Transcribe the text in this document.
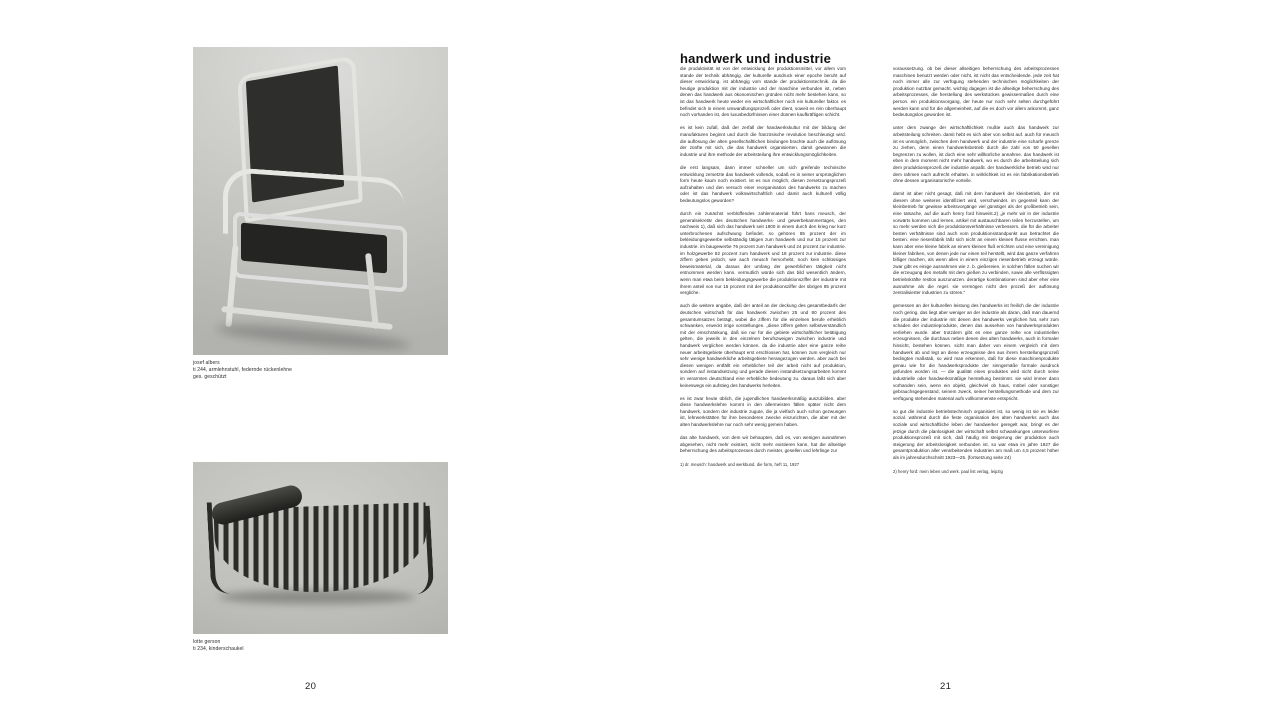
josef albers
ti 244, armlehnstuhl, federnde rückenlehne
ges. geschützt
lotte gerson
ti 234, kinderschaukel
20
handwerk und industrie

die produktivität ist von der entwicklung der produktionsmittel, vor allem vom stande der technik abhängig. der kulturelle ausdruck einer epoche beruht auf dieser entwicklung. ist abhängig vom stande der produktionstechnik. da die heutige produktion mit der industrie und der maschine verbunden ist, neben denen das handwerk aus ökonomischen gründen nicht mehr bestehen kann, so ist das handwerk heute weder ein wirtschaftlicher noch ein kultureller faktor. es befindet sich in einem umwandlungsprozeß oder dient, soweit es rein überhaupt noch vorhanden ist, den luxusbedürfnissen einer dünnen kaufkräftigen schicht.

es ist kein zufall, daß der zerfall der handwerkskultur mit der bildung der manufakturen beginnt und durch die französische revolution beschleunigt wird. die auflösung der alten gesellschaftlichen bindungen brachte auch die auflösung der zünfte mit sich, die das handwerk organisierten. damit gewannen die industrie und ihre methode der arbeitsteilung ihre entwicklungsmöglichkeiten.

die erst langsam, dann immer schneller um sich greifende technische entwicklung zersetzte das handwerk vollends, sodaß es in seiner ursprünglichen form heute kaum noch existiert. ist es nun möglich, diesen zersetzungsprozeß aufzuhalten und den versuch einer reorganisation des handwerks zu machen oder ist das handwerk volkswirtschaftlich und damit auch kulturell völlig bedeutungslos geworden?

durch ein zunächst verblüffendes zahlenmaterial führt hans meusch, der generalsekretär des deutschen handwerks- und gewerbekammertages, den nachweis 1), daß sich das handwerk seit 1900 in einem durch den krieg nur kurz unterbrochenen aufschwung befindet. so gehören 85 prozent der im bekleidungsgewerbe selbständig tätigen zum handwerk und nur 15 prozent zur industrie. im baugewerbe 76 prozent zum handwerk und 24 prozent zur industrie. im holzgewerbe 82 prozent zum handwerk und 18 prozent zur industrie. diese ziffern geben jedoch, wie auch meusch hervorhebt, noch kein schlüssiges beweismaterial, da daraus der umfang der gewerblichen tätigkeit nicht entnommen werden kann. vermutlich würde sich das bild wesentlich ändern, wenn man etwa beim bekleidungsgewerbe die produktionsziffer der industrie mit ihrem anteil von nur 15 prozent mit der produktionsziffer der übrigen 85 prozent vergliche.

auch die weitere angabe, daß der anteil an der deckung des gesamtbedarfs der deutschen wirtschaft für das handwerk zwischen 25 und 80 prozent des gesamtumsatzes beträgt, wobei die ziffern für die einzelnen berufe erheblich schwanken, erweckt irrige vorstellungen. „diese ziffern gelten selbstverständlich mit der einschränkung, daß sie nur für die gebiete wirtschaftlicher betätigung gelten, die jeweils in den einzelnen berufszweigen zwischen industrie und handwerk verglichen werden können. da die industrie aber eine ganze reihe neuer arbeitsgebiete überhaupt erst erschlossen hat, können zum vergleich nur sehr wenige handwerkliche arbeitsgebiete herangezogen werden. aber auch bei diesen wenigen entfällt ein erheblicher teil der arbeit nicht auf produktion, sondern auf instandsetzung und gerade diesen instandsetzungsarbeiten kommt im verarmten deutschland eine erhebliche bedeutung zu. daraus läßt sich aber keineswegs ein aufstieg des handwerks herleiten.

es ist zwar heute üblich, die jugendlichen handwerksmäßig auszubilden. aber diese handwerkslehre kommt in den allermeisten fällen später nicht dem handwerk, sondern der industrie zugute, die ja vielfach auch schon gezwungen ist, lehrwerkstätten für ihre besonderen zwecke einzurichten, die aber mit der alten handwerkslehre nur noch sehr wenig gemein haben.

das alte handwerk, von dem wir behaupten, daß es, von wenigen ausnahmen abgesehen, nicht mehr existiert, nicht mehr existieren kann, hat die allseitige beherrschung des arbeitsprozesses durch meister, gesellen und lehrlinge zur

1) dr. meusch: handwerk und werkbund. die form, heft 11, 1927

voraussetzung. ob bei dieser allseitigen beherrschung des arbeitsprozesses maschinen benutzt werden oder nicht, ist nicht das entscheidende. jede zeit hat noch immer alle zur verfügung stehenden technischen möglichkeiten der produktion nutzbar gemacht. wichtig dagegen ist die allseitige beherrschung des arbeitsprozesses, die herstellung des werkstückes gewissermaßen durch eine person. ein produktionsvorgang, der heute nur noch sehr selten durchgeführt werden kann und für die allgemeinheit, auf die es doch vor allem ankommt, ganz bedeutungslos geworden ist.

unter dem zwange der wirtschaftlichkeit mußte auch das handwerk zur arbeitsteilung schreiten. damit hebt es sich aber von selbst auf. auch für meusch ist es unmöglich, zwischen dem handwerk und der industrie eine scharfe grenze zu ziehen, denn einen handwerksbetrieb durch die zahl von 50 gesellen begrenzen zu wollen, ist doch eine sehr willkürliche annahme. das handwerk ist eben in dem moment nicht mehr handwerk, wo es durch die arbeitsteilung sich dem produktionsprozeß der industrie anpaßt. der handwerkliche betrieb wird nur dem rahmen nach aufrecht erhalten. in wirklichkeit ist es ein fabrikationsbetrieb ohne dessen organisatorische vorteile.

damit ist aber nicht gesagt, daß mit dem handwerk der kleinbetrieb, der mit diesem ohne weiteres identifiziert wird, verschwindet. im gegenteil kann der kleinbetrieb für gewisse arbeitsvorgänge viel günstiger als der großbetrieb sein, eine tatsache, auf die auch henry ford hinweist.2) „je mehr wir in der industrie vorwärts kommen und lernen, artikel mit austauschbaren teilen herzustellen, um so mehr werden sich die produktionsverhältnisse verbessern. die für die arbeiter besten verhältnisse sind auch vom produktionsstandpunkt aus betrachtet die besten. eine riesenfabrik läßt sich nicht an einem kleinen flusse errichten. man kann aber eine kleine fabrik an einem kleinen fluß errichten und eine vereinigung kleiner fabriken, von denen jede nur einen teil herstellt, wird das ganze verfahren billiger machen, als wenn alles in einem einzigen riesenbetrieb erzeugt würde. zwar gibt es einige ausnahmen wie z. b. gießereien. in solchen fällen suchen wir die erzeugung des metalls mit dem gießen zu verbinden, sowie alle verflüssigten betriebskräfte restlos auszunutzen. derartige kombinationen sind aber eher eine ausnahme als die regel. sie vermögen nicht den prozeß der auflösung zentralisierter industrien zu stören.“

gemessen an der kulturellen leistung des handwerks ist freilich die der industrie noch gering. das liegt aber weniger an der industrie als daran, daß man dauernd die produkte der industrie mit denen des handwerks verglichen hat, sehr zum schaden der industrieprodukte, denen das aussehen von handwerksprodukten verliehen wurde. aber trotzdem gibt es eine ganze reihe von industriellen erzeugnissen, die durchaus neben denen des alten handwerks, auch in formaler hinsicht, bestehen können. sicht man daher von einem vergleich mit dem handwerk ab und legt an diese erzeugnisse den aus ihrem herstellungsprozeß bedingten maßstab, so wird man erkennen, daß für diese maschinenprodukte genau wie für die handwerksprodukte der sinngemäße formale ausdruck gefunden worden ist. — die qualität eines produktes wird nicht durch seine industrielle oder handwerksmäßige herstellung bestimmt. sie wird immer dann vorhanden sein, wenn ein objekt, gleichviel ob haus, möbel oder sonstiger gebrauchsgegenstand, seinem zweck, seiner herstellungsmethode und dem zur verfügung stehenden material aufs vollkommenste entspricht.

so gut die industrie betriebstechnisch organisiert ist, so wenig ist sie es leider sozial. während durch die feste organisation des alten handwerks auch das soziale und wirtschaftliche leben der handwerker geregelt war, bringt es der jetzige durch die planlosigkeit der wirtschaft selbst schwankungen unterworfene produktionsprozeß mit sich, daß häufig mit steigerung der produktion auch steigerung der arbeitslosigkeit verbunden ist. so war etwa im jahre 1927 die gesamtproduktion aller verarbeitenden industrien am maß um 4,5 prozent höher als im jahresdurchschnitt 1923—25. (fortsetzung seite 24)

2) henry ford: mein leben und werk. paul list verlag, leipzig
21
